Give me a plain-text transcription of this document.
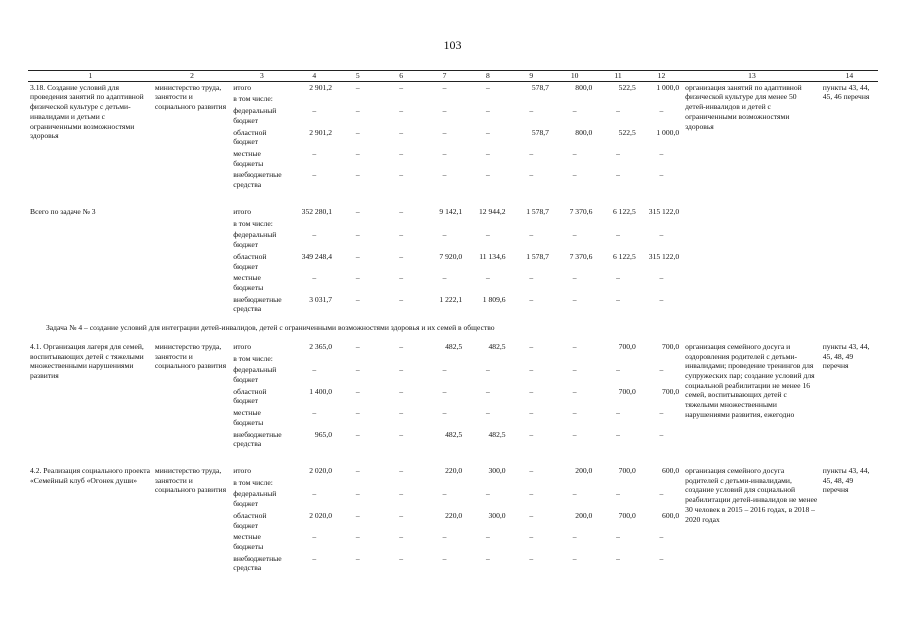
103
1	2	3	4	5	6	7	8	9	10	11	12	13	14
3.18. Создание условий для проведения занятий по адаптивной физической культуре с детьми-инвалидами и детьми с ограниченными возможностями здоровья	министерство труда, занятости и социального развития	итого	2 901,2	–	–	–	–	578,7	800,0	522,5	1 000,0	организация занятий по адаптивной физической культуре для менее 50 детей-инвалидов и детей с ограниченными возможностями здоровья	пункты 43, 44, 45, 46 перечня
		в том числе:											
		федеральный бюджет	–	–	–	–	–	–	–	–	–		
		областной бюджет	2 901,2	–	–	–	–	578,7	800,0	522,5	1 000,0		
		местные бюджеты	–	–	–	–	–	–	–	–	–		
		внебюджетные средства	–	–	–	–	–	–	–	–	–		

Всего по задаче № 3		итого	352 280,1	–	–	9 142,1	12 944,2	1 578,7	7 370,6	6 122,5	315 122,0		
		в том числе:											
		федеральный бюджет	–	–	–	–	–	–	–	–	–		
		областной бюджет	349 248,4	–	–	7 920,0	11 134,6	1 578,7	7 370,6	6 122,5	315 122,0		
		местные бюджеты	–	–	–	–	–	–	–	–	–		
		внебюджетные средства	3 031,7	–	–	1 222,1	1 809,6	–	–	–	–		
Задача № 4 – создание условий для интеграции детей-инвалидов, детей с ограниченными возможностями здоровья и их семей в общество													
4.1. Организация лагеря для семей, воспитывающих детей с тяжелыми множественными нарушениями развития	министерство труда, занятости и социального развития	итого	2 365,0	–	–	482,5	482,5	–	–	700,0	700,0	организация семейного досуга и оздоровления родителей с детьми-инвалидами; проведение тренингов для супружеских пар; создание условий для социальной реабилитации не менее 16 семей, воспитывающих детей с тяжелыми множественными нарушениями развития, ежегодно	пункты 43, 44, 45, 48, 49 перечня
		в том числе:											
		федеральный бюджет	–	–	–	–	–	–	–	–	–		
		областной бюджет	1 400,0	–	–	–	–	–	–	700,0	700,0		
		местные бюджеты	–	–	–	–	–	–	–	–	–		
		внебюджетные средства	965,0	–	–	482,5	482,5	–	–	–	–		

4.2. Реализация социального проекта «Семейный клуб «Огонек души»	министерство труда, занятости и социального развития	итого	2 020,0	–	–	220,0	300,0	–	200,0	700,0	600,0	организация семейного досуга родителей с детьми-инвалидами, создание условий для социальной реабилитации детей-инвалидов не менее 30 человек в 2015 – 2016 годах, в 2018 – 2020 годах	пункты 43, 44, 45, 48, 49 перечня
		в том числе:											
		федеральный бюджет	–	–	–	–	–	–	–	–	–		
		областной бюджет	2 020,0	–	–	220,0	300,0	–	200,0	700,0	600,0		
		местные бюджеты	–	–	–	–	–	–	–	–	–		
		внебюджетные средства	–	–	–	–	–	–	–	–	–		
